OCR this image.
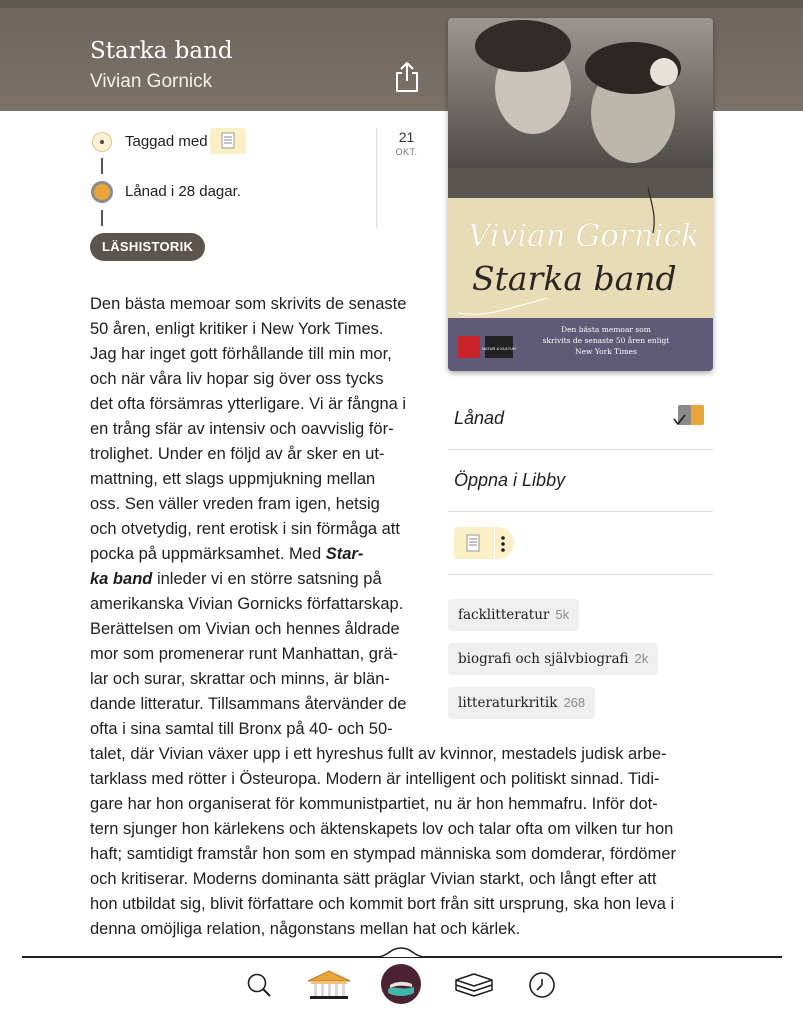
Starka band
Vivian Gornick
Vivian Gornick
Starka band
Den bästa memoar som
skrivits de senaste 50 åren enligt
New York Times
NATUR & KULTUR
Taggad med
Lånad i 28 dagar.
21
OKT.
LÄSHISTORIK
Den bästa memoar som skrivits de senaste
50 åren, enligt kritiker i New York Times.
Jag har inget gott förhållande till min mor,
och när våra liv hopar sig över oss tycks
det ofta försämras ytterligare. Vi är fångna i
en trång sfär av intensiv och oavvislig för-
trolighet. Under en följd av år sker en ut-
mattning, ett slags uppmjukning mellan
oss. Sen väller vreden fram igen, hetsig
och otvetydig, rent erotisk i sin förmåga att
pocka på uppmärksamhet. Med Star-
ka band inleder vi en större satsning på
amerikanska Vivian Gornicks författarskap.
Berättelsen om Vivian och hennes åldrade
mor som promenerar runt Manhattan, grä-
lar och surar, skrattar och minns, är blän-
dande litteratur. Tillsammans återvänder de
ofta i sina samtal till Bronx på 40- och 50-
talet, där Vivian växer upp i ett hyreshus fullt av kvinnor, mestadels judisk arbe-
tarklass med rötter i Östeuropa. Modern är intelligent och politiskt sinnad. Tidi-
gare har hon organiserat för kommunistpartiet, nu är hon hemmafru. Inför dot-
tern sjunger hon kärlekens och äktenskapets lov och talar ofta om vilken tur hon
haft; samtidigt framstår hon som en stympad människa som domderar, fördömer
och kritiserar. Moderns dominanta sätt präglar Vivian starkt, och långt efter att
hon utbildat sig, blivit författare och kommit bort från sitt ursprung, ska hon leva i
denna omöjliga relation, någonstans mellan hat och kärlek.
Lånad
Öppna i Libby
facklitteratur 5k
biografi och självbiografi 2k
litteraturkritik 268
